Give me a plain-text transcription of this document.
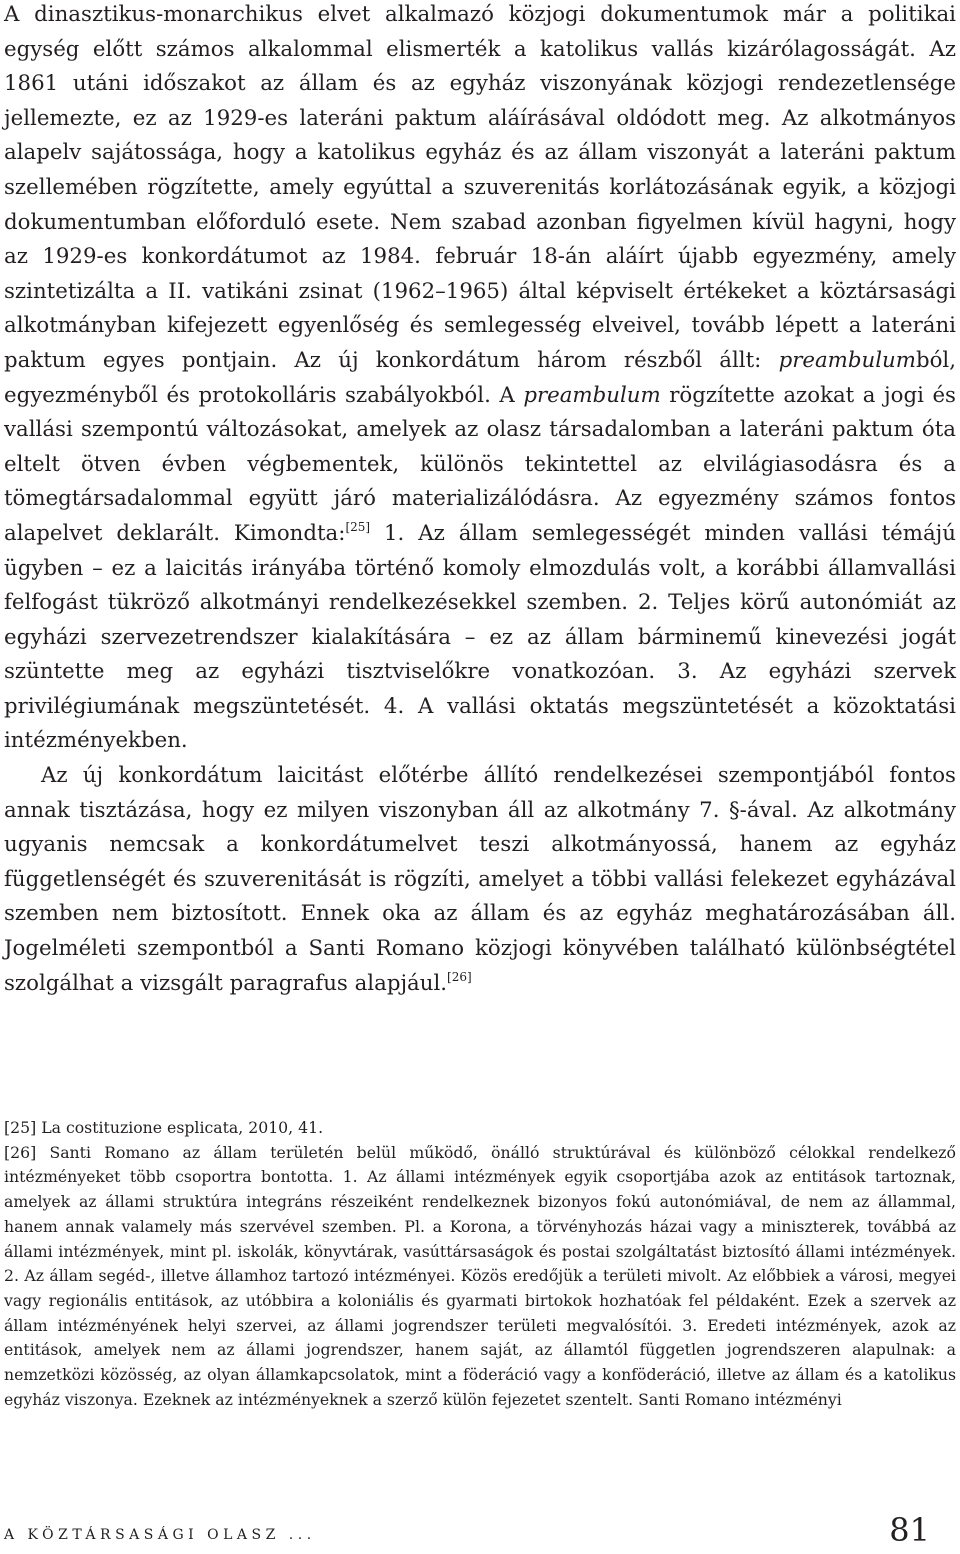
A dinasztikus-monarchikus elvet alkalmazó közjogi dokumentumok már a politikai egység előtt számos alkalommal elismerték a katolikus vallás kizárólagosságát. Az 1861 utáni időszakot az állam és az egyház viszonyának közjogi rendezetlensége jellemezte, ez az 1929-es lateráni paktum aláírásával oldódott meg. Az alkotmányos alapelv sajátossága, hogy a katolikus egyház és az állam viszonyát a lateráni paktum szellemében rögzítette, amely egyúttal a szuverenitás korlátozásának egyik, a közjogi dokumentumban előforduló esete. Nem szabad azonban figyelmen kívül hagyni, hogy az 1929-es konkordátumot az 1984. február 18-án aláírt újabb egyezmény, amely szintetizálta a II. vatikáni zsinat (1962–1965) által képviselt értékeket a köztársasági alkotmányban kifejezett egyenlőség és semlegesség elveivel, tovább lépett a lateráni paktum egyes pontjain. Az új konkordátum három részből állt: preambulumból, egyezményből és protokolláris szabályokból. A preambulum rögzítette azokat a jogi és vallási szempontú változásokat, amelyek az olasz társadalomban a lateráni paktum óta eltelt ötven évben végbementek, különös tekintettel az elvilágiasodásra és a tömegtársadalommal együtt járó materializálódásra. Az egyezmény számos fontos alapelvet deklarált. Kimondta:[25] 1. Az állam semlegességét minden vallási témájú ügyben – ez a laicitás irányába történő komoly elmozdulás volt, a korábbi államvallási felfogást tükröző alkotmányi rendelkezésekkel szemben. 2. Teljes körű autonómiát az egyházi szervezetrendszer kialakítására – ez az állam bárminemű kinevezési jogát szüntette meg az egyházi tisztviselőkre vonatkozóan. 3. Az egyházi szervek privilégiumának megszüntetését. 4. A vallási oktatás megszüntetését a közoktatási intézményekben.

Az új konkordátum laicitást előtérbe állító rendelkezései szempontjából fontos annak tisztázása, hogy ez milyen viszonyban áll az alkotmány 7. §-ával. Az alkotmány ugyanis nemcsak a konkordátumelvet teszi alkotmányossá, hanem az egyház függetlenségét és szuverenitását is rögzíti, amelyet a többi vallási felekezet egyházával szemben nem biztosított. Ennek oka az állam és az egyház meghatározásában áll. Jogelméleti szempontból a Santi Romano közjogi könyvében található különbségtétel szolgálhat a vizsgált paragrafus alapjául.[26]

[25] La costituzione esplicata, 2010, 41.

[26] Santi Romano az állam területén belül működő, önálló struktúrával és különböző célokkal rendelkező intézményeket több csoportra bontotta. 1. Az állami intézmények egyik csoportjába azok az entitások tartoznak, amelyek az állami struktúra integráns részeiként rendelkeznek bizonyos fokú autonómiával, de nem az állammal, hanem annak valamely más szervével szemben. Pl. a Korona, a törvényhozás házai vagy a miniszterek, továbbá az állami intézmények, mint pl. iskolák, könyvtárak, vasúttársaságok és postai szolgáltatást biztosító állami intézmények. 2. Az állam segéd-, illetve államhoz tartozó intézményei. Közös eredőjük a területi mivolt. Az előbbiek a városi, megyei vagy regionális entitások, az utóbbira a koloniális és gyarmati birtokok hozhatóak fel példaként. Ezek a szervek az állam intézményének helyi szervei, az állami jogrendszer területi megvalósítói. 3. Eredeti intézmények, azok az entitások, amelyek nem az állami jogrendszer, hanem saját, az államtól független jogrendszeren alapulnak: a nemzetközi közösség, az olyan államkapcsolatok, mint a föderáció vagy a konföderáció, illetve az állam és a katolikus egyház viszonya. Ezeknek az intézményeknek a szerző külön fejezetet szentelt. Santi Romano intézményi

A KÖZTÁRSASÁGI OLASZ ...	81
